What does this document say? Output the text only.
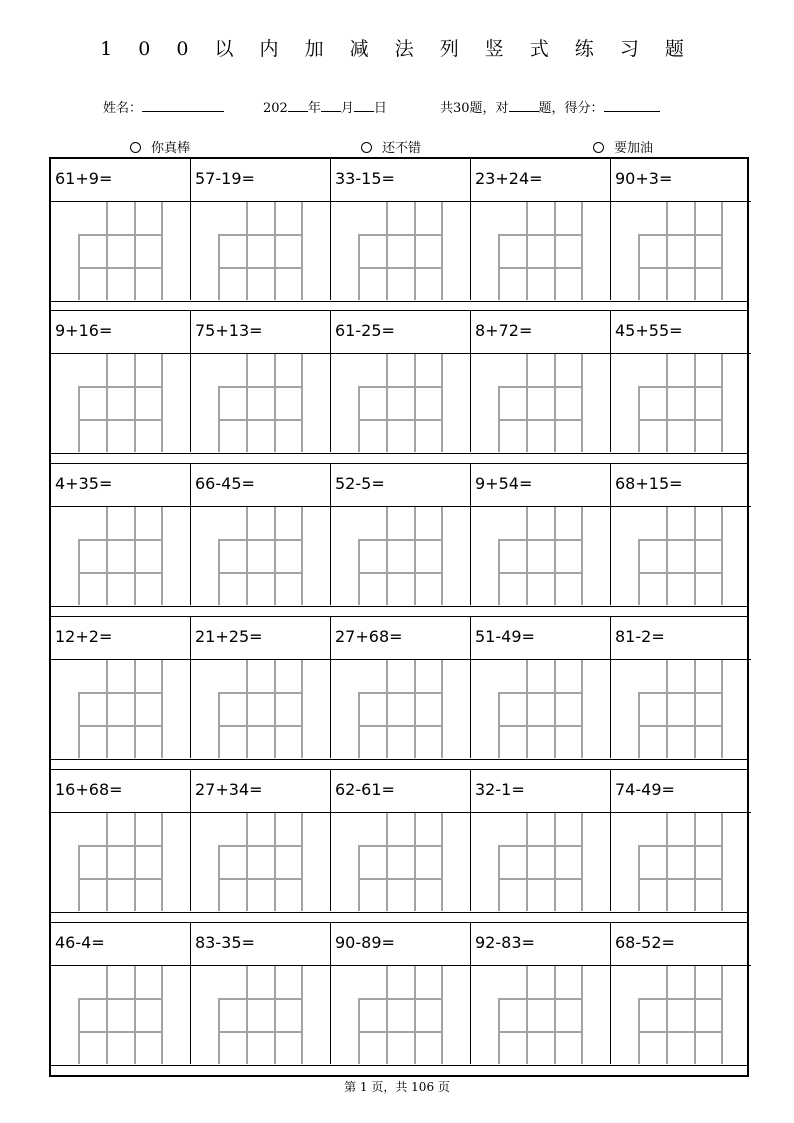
1 0 0 以 内 加 减 法 列 竖 式 练 习 题
姓名：	202 年 月 日	共30题，对 题，得分：
你真棒	还不错	要加油
61+9=	57-19=	33-15=	23+24=	90+3=
9+16=	75+13=	61-25=	8+72=	45+55=
4+35=	66-45=	52-5=	9+54=	68+15=
12+2=	21+25=	27+68=	51-49=	81-2=
16+68=	27+34=	62-61=	32-1=	74-49=
46-4=	83-35=	90-89=	92-83=	68-52=
第 1 页，共 106 页
